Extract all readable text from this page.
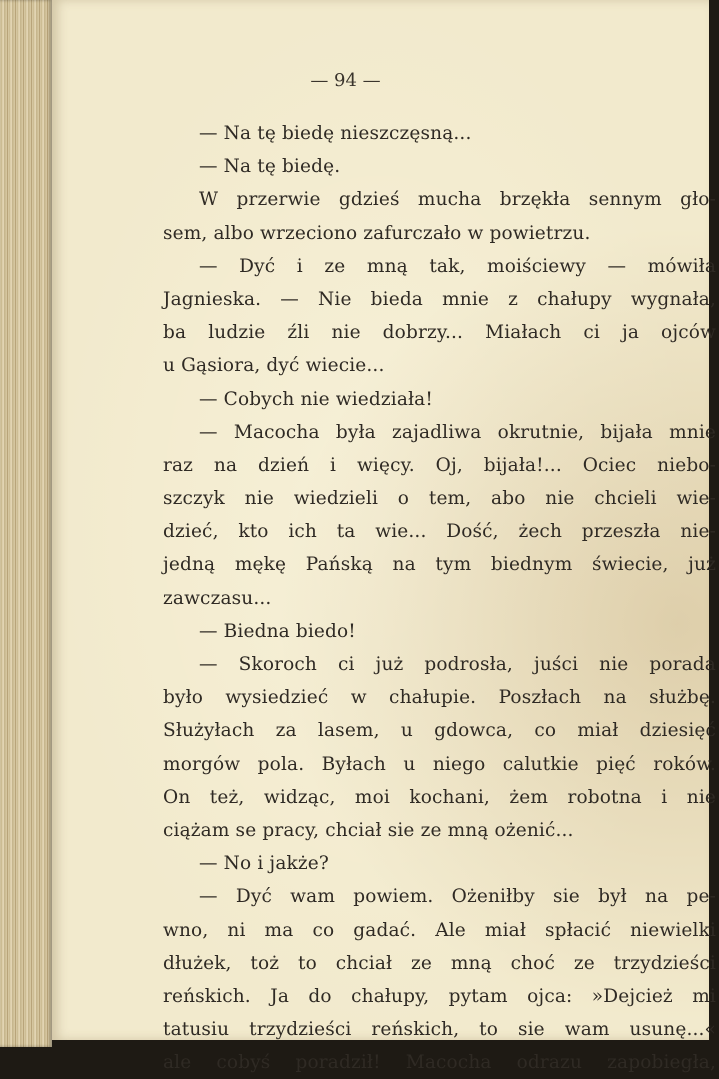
— 94 —
— Na tę biedę nieszczęsną...
— Na tę biedę.
W przerwie gdzieś mucha brzękła sennym gło-
sem, albo wrzeciono zafurczało w powietrzu.
— Dyć i ze mną tak, moiściewy — mówiła
Jagnieska. — Nie bieda mnie z chałupy wygnała,
ba ludzie źli nie dobrzy... Miałach ci ja ojców
u Gąsiora, dyć wiecie...
— Cobych nie wiedziała!
— Macocha była zajadliwa okrutnie, bijała mnie
raz na dzień i więcy. Oj, bijała!... Ociec niebo-
szczyk nie wiedzieli o tem, abo nie chcieli wie-
dzieć, kto ich ta wie... Dość, żech przeszła nie-
jedną mękę Pańską na tym biednym świecie, już
zawczasu...
— Biedna biedo!
— Skoroch ci już podrosła, juści nie porada
było wysiedzieć w chałupie. Poszłach na służbę.
Służyłach za lasem, u gdowca, co miał dziesięć
morgów pola. Byłach u niego calutkie pięć roków.
On też, widząc, moi kochani, żem robotna i nie
ciążam se pracy, chciał sie ze mną ożenić...
— No i jakże?
— Dyć wam powiem. Ożeniłby sie był na pe-
wno, ni ma co gadać. Ale miał spłacić niewielki
dłużek, toż to chciał ze mną choć ze trzydzieści
reńskich. Ja do chałupy, pytam ojca: »Dejcież mi
tatusiu trzydzieści reńskich, to sie wam usunę...«
ale cobyś poradził! Macocha odrazu zapobiegła,
